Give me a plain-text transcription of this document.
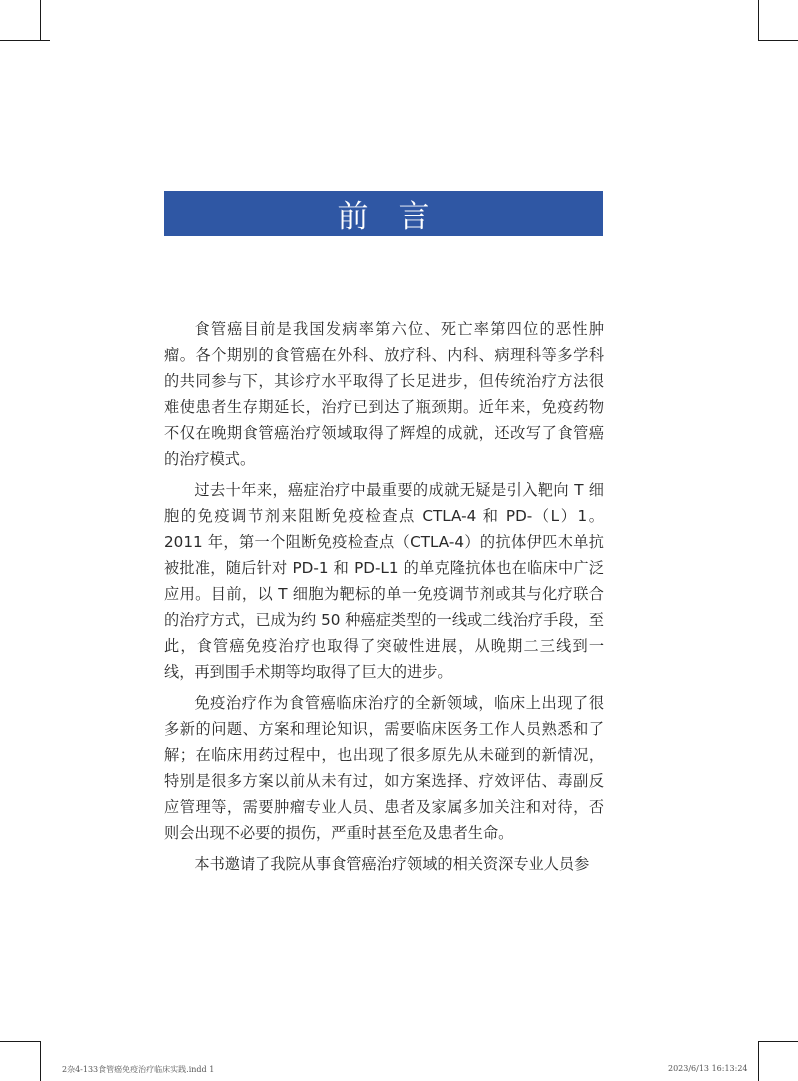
前言

食管癌目前是我国发病率第六位、死亡率第四位的恶性肿瘤。各个期别的食管癌在外科、放疗科、内科、病理科等多学科的共同参与下，其诊疗水平取得了长足进步，但传统治疗方法很难使患者生存期延长，治疗已到达了瓶颈期。近年来，免疫药物不仅在晚期食管癌治疗领域取得了辉煌的成就，还改写了食管癌的治疗模式。

过去十年来，癌症治疗中最重要的成就无疑是引入靶向 T 细胞的免疫调节剂来阻断免疫检查点 CTLA-4 和 PD-（L）1。2011 年，第一个阻断免疫检查点（CTLA-4）的抗体伊匹木单抗被批准，随后针对 PD-1 和 PD-L1 的单克隆抗体也在临床中广泛应用。目前，以 T 细胞为靶标的单一免疫调节剂或其与化疗联合的治疗方式，已成为约 50 种癌症类型的一线或二线治疗手段，至此，食管癌免疫治疗也取得了突破性进展，从晚期二三线到一线，再到围手术期等均取得了巨大的进步。

免疫治疗作为食管癌临床治疗的全新领域，临床上出现了很多新的问题、方案和理论知识，需要临床医务工作人员熟悉和了解；在临床用药过程中，也出现了很多原先从未碰到的新情况，特别是很多方案以前从未有过，如方案选择、疗效评估、毒副反应管理等，需要肿瘤专业人员、患者及家属多加关注和对待，否则会出现不必要的损伤，严重时甚至危及患者生命。

本书邀请了我院从事食管癌治疗领域的相关资深专业人员参

2杂4-133食管癌免疫治疗临床实践.indd 1	2023/6/13 16:13:24
